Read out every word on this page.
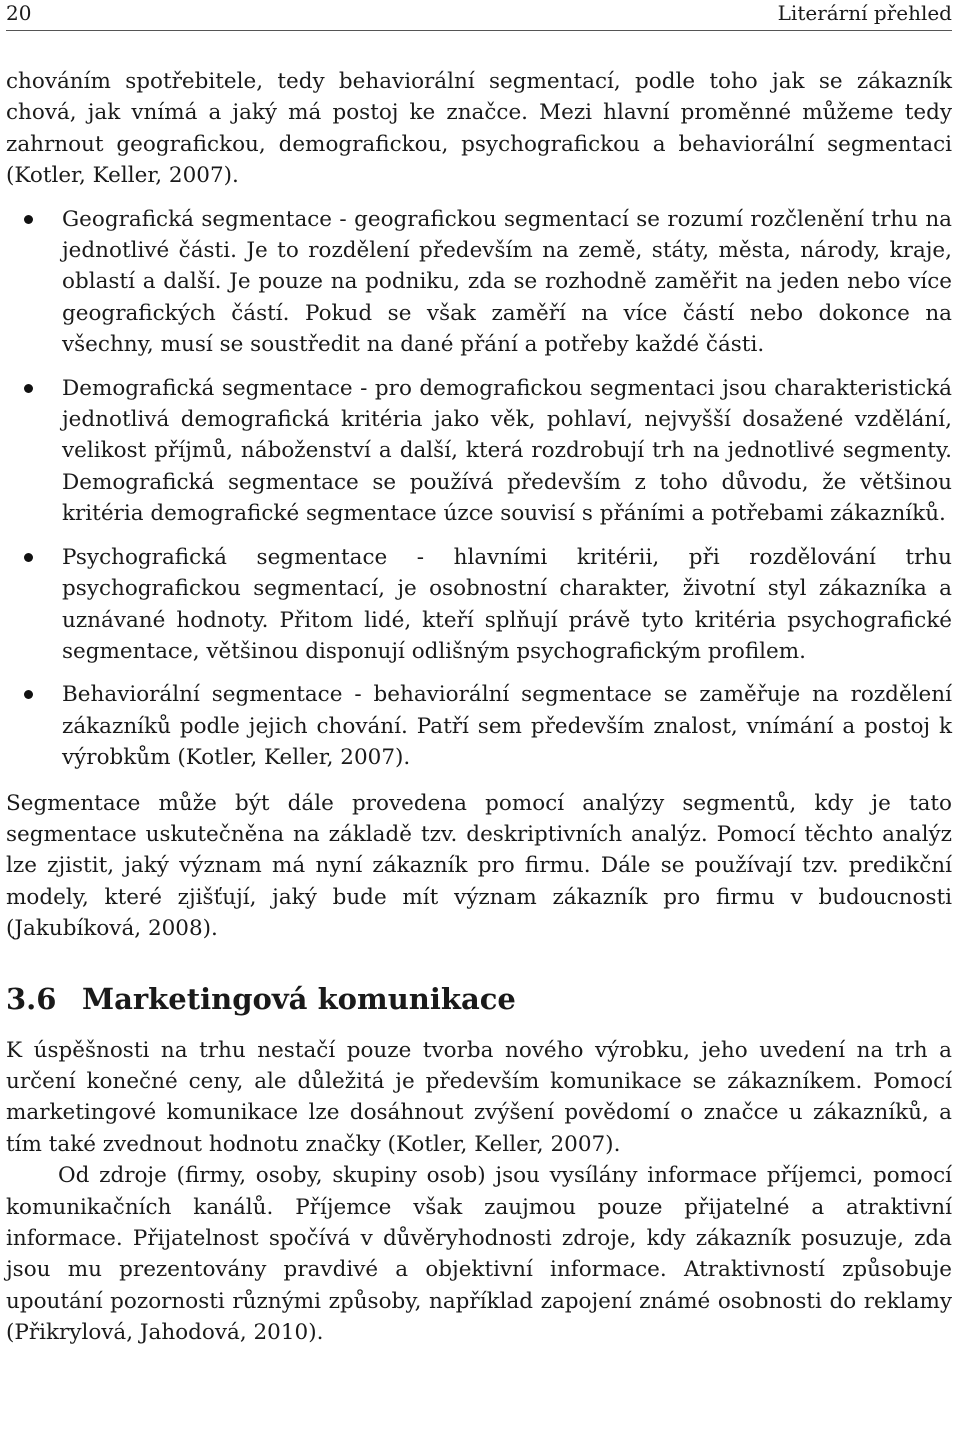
20	Literární přehled

chováním spotřebitele, tedy behaviorální segmentací, podle toho jak se zákazník chová, jak vnímá a jaký má postoj ke značce. Mezi hlavní proměnné můžeme tedy zahrnout geografickou, demografickou, psychografickou a behaviorální segmentaci (Kotler, Keller, 2007).

Geografická segmentace - geografickou segmentací se rozumí rozčlenění trhu na jednotlivé části. Je to rozdělení především na země, státy, města, národy, kraje, oblastí a další. Je pouze na podniku, zda se rozhodně zaměřit na jeden nebo více geografických částí. Pokud se však zaměří na více částí nebo dokonce na všechny, musí se soustředit na dané přání a potřeby každé části.
Demografická segmentace - pro demografickou segmentaci jsou charakteristická jednotlivá demografická kritéria jako věk, pohlaví, nejvyšší dosažené vzdělání, velikost příjmů, náboženství a další, která rozdrobují trh na jednotlivé segmenty. Demografická segmentace se používá především z toho důvodu, že většinou kritéria demografické segmentace úzce souvisí s přáními a potřebami zákazníků.
Psychografická segmentace - hlavními kritérii, při rozdělování trhu psychografickou segmentací, je osobnostní charakter, životní styl zákazníka a uznávané hodnoty. Přitom lidé, kteří splňují právě tyto kritéria psychografické segmentace, většinou disponují odlišným psychografickým profilem.
Behaviorální segmentace - behaviorální segmentace se zaměřuje na rozdělení zákazníků podle jejich chování. Patří sem především znalost, vnímání a postoj k výrobkům (Kotler, Keller, 2007).

Segmentace může být dále provedena pomocí analýzy segmentů, kdy je tato segmentace uskutečněna na základě tzv. deskriptivních analýz. Pomocí těchto analýz lze zjistit, jaký význam má nyní zákazník pro firmu. Dále se používají tzv. predikční modely, které zjišťují, jaký bude mít význam zákazník pro firmu v budoucnosti (Jakubíková, 2008).

3.6 Marketingová komunikace

K úspěšnosti na trhu nestačí pouze tvorba nového výrobku, jeho uvedení na trh a určení konečné ceny, ale důležitá je především komunikace se zákazníkem. Pomocí marketingové komunikace lze dosáhnout zvýšení povědomí o značce u zákazníků, a tím také zvednout hodnotu značky (Kotler, Keller, 2007).

Od zdroje (firmy, osoby, skupiny osob) jsou vysílány informace příjemci, pomocí komunikačních kanálů. Příjemce však zaujmou pouze přijatelné a atraktivní informace. Přijatelnost spočívá v důvěryhodnosti zdroje, kdy zákazník posuzuje, zda jsou mu prezentovány pravdivé a objektivní informace. Atraktivností způsobuje upoutání pozornosti různými způsoby, například zapojení známé osobnosti do reklamy (Přikrylová, Jahodová, 2010).
